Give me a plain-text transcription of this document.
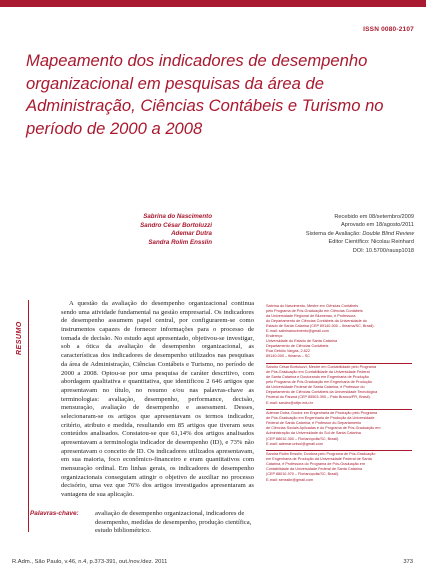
ISSN 0080-2107
Mapeamento dos indicadores de desempenho organizacional em pesquisas da área de Administração, Ciências Contábeis e Turismo no período de 2000 a 2008
Sabrina do Nascimento
Sandro César Bortoluzzi
Ademar Dutra
Sandra Rolim Ensslin
Recebido em 08/setembro/2009
Aprovado em 18/agosto/2011
Sistema de Avaliação: Double Blind Review
Editor Científico: Nicolau Reinhard
DOI: 10.5700/rausp1018
RESUMO

A questão da avaliação do desempenho organizacional continua sendo uma atividade fundamental na gestão empresarial. Os indicadores de desempenho assumem papel central, por configurarem-se como instrumentos capazes de fornecer informações para o processo de tomada de decisão. No estudo aqui apresentado, objetivou-se investigar, sob a ótica da avaliação de desempenho organizacional, as características dos indicadores de desempenho utilizados nas pesquisas da área de Administração, Ciências Contábeis e Turismo, no período de 2000 a 2008. Optou-se por uma pesquisa de caráter descritivo, com abordagem qualitativa e quantitativa, que identificou 2 646 artigos que apresentavam no título, no resumo e/ou nas palavras-chave as terminologias: avaliação, desempenho, performance, decisão, mensuração, avaliação de desempenho e assessment. Desses, selecionaram-se os artigos que apresentavam os termos indicador, critério, atributo e medida, resultando em 85 artigos que tiveram seus conteúdos analisados. Constatou-se que 61,14% dos artigos analisados apresentavam a terminologia indicador de desempenho (ID), e 73% não apresentavam o conceito de ID. Os indicadores utilizados apresentavam, em sua maioria, foco econômico-financeiro e eram quantitativos com mensuração ordinal. Em linhas gerais, os indicadores de desempenho organizacionais conseguiam atingir o objetivo de auxiliar no processo decisório, uma vez que 76% dos artigos investigados apresentaram as vantagens de sua aplicação.

Palavras-chave: avaliação de desempenho organizacional, indicadores de desempenho, medidas de desempenho, produção científica, estudo bibliométrico.
Sabrina do Nascimento, Mestre em Ciências Contábeis
pelo Programa de Pós-Graduação em Ciências Contábeis
da Universidade Regional de Blumenau, é Professora
do Departamento de Ciências Contábeis da Universidade do
Estado de Santa Catarina (CEP 89140-000 – Ibirama/SC, Brasil).
E-mail: sabrinanscimento@gmail.com
Endereço:
Universidade do Estado de Santa Catarina
Departamento de Ciências Contábeis
Rua Getúlio Vargas, 2.822
89140-000 – Ibirama – SC
Sandro César Bortoluzzi, Mestre em Contabilidade pelo Programa
de Pós-Graduação em Contabilidade da Universidade Federal
de Santa Catarina e Doutorando em Engenharia de Produção
pelo Programa de Pós-Graduação em Engenharia de Produção
da Universidade Federal de Santa Catarina, é Professor do
Departamento de Ciências Contábeis da Universidade Tecnológica
Federal do Paraná (CEP 85503-390 – Pato Branco/PR, Brasil).
E-mail: sandro@utfpr.edu.br
Ademar Dutra, Doutor em Engenharia de Produção pelo Programa
de Pós-Graduação em Engenharia de Produção da Universidade
Federal de Santa Catarina, é Professor do Departamento
de Ciências Sociais Aplicadas e do Programa de Pós-Graduação em
Administração da Universidade do Sul de Santa Catarina
(CEP 88010-300 – Florianópolis/SC, Brasil).
E-mail: ademar.unisul@gmail.com
Sandra Rolim Ensslin, Doutora pelo Programa de Pós-Graduação
em Engenharia de Produção da Universidade Federal de Santa
Catarina, é Professora do Programa de Pós-Graduação em
Contabilidade da Universidade Federal de Santa Catarina
(CEP 88010-970 – Florianópolis/SC, Brasil).
E-mail: sensslin@gmail.com
R.Adm., São Paulo, v.46, n.4, p.373-391, out./nov./dez. 2011	373
